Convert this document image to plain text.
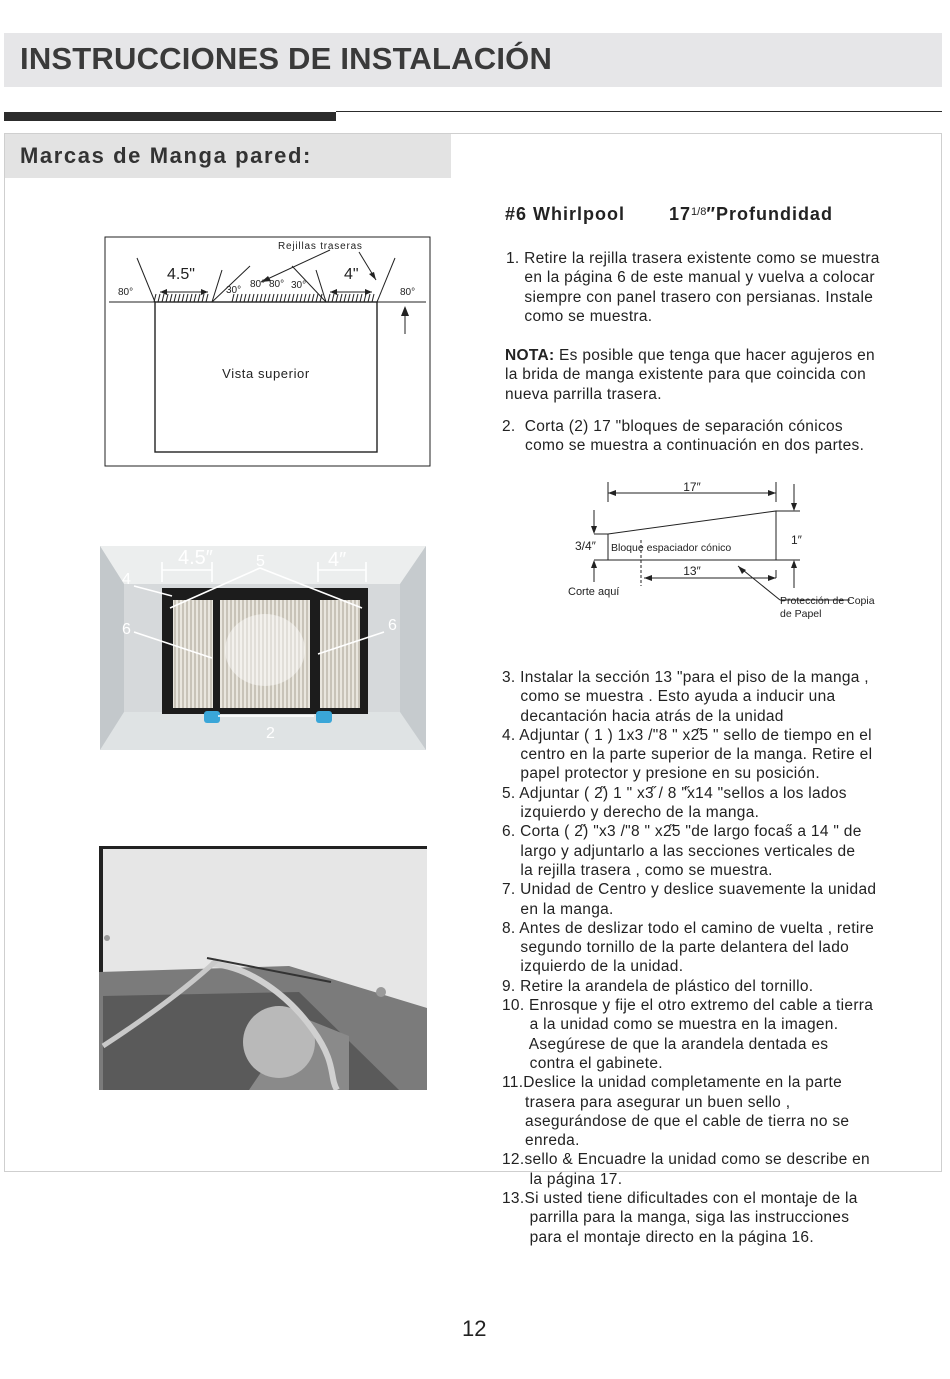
INSTRUCCIONES DE INSTALACIÓN
Marcas de Manga pared:
Rejillas traseras
4.5"	4"
80°	80°
30°	30°
80° 80°
Vista superior
4.5″	4″
5
4
6	6
2
#6 Whirlpool $17^{1/8}''Profundidad$
1. Retire la rejilla trasera existente como se muestra
en la página 6 de este manual y vuelva a colocar
siempre con panel trasero con persianas. Instale
como se muestra.
NOTA: Es posible que tenga que hacer agujeros en
la brida de manga existente para que coincida con
nueva parrilla trasera.
2.  Corta (2) 17 "bloques de separación cónicos
como se muestra a continuación en dos partes.
17″
13″
3/4″	1″
Bloque espaciador cónico
Corte aquí
Protección de Copia
de Papel
3. Instalar la sección 13 "para el piso de la manga ,
como se muestra . Esto ayuda a inducir una
decantación hacia atrás de la unidad
4. Adjuntar ( 1 ) 1x3 /"8 " x2̋5 " sello de tiempo en el
centro en la parte superior de la manga. Retire el
papel protector y presione en su posición.
5. Adjuntar ( 2̋) 1 " x3̋ / 8 "̋x14 "sellos a los lados
izquierdo y derecho de la manga.
6. Corta ( 2̋) "x3 /"8 " x2̋5 "de largo focas̋ a 14 " de
largo y adjuntarlo a las secciones verticales de
la rejilla trasera , como se muestra.
7. Unidad de Centro y deslice suavemente la unidad
en la manga.
8. Antes de deslizar todo el camino de vuelta , retire
segundo tornillo de la parte delantera del lado
izquierdo de la unidad.
9. Retire la arandela de plástico del tornillo.
10. Enrosque y fije el otro extremo del cable a tierra
a la unidad como se muestra en la imagen.
Asegúrese de que la arandela dentada es
contra el gabinete.
11.Deslice la unidad completamente en la parte
trasera para asegurar un buen sello ,
asegurándose de que el cable de tierra no se
enreda.
12.sello & Encuadre la unidad como se describe en
la página 17.
13.Si usted tiene dificultades con el montaje de la
parrilla para la manga, siga las instrucciones
para el montaje directo en la página 16.
12
